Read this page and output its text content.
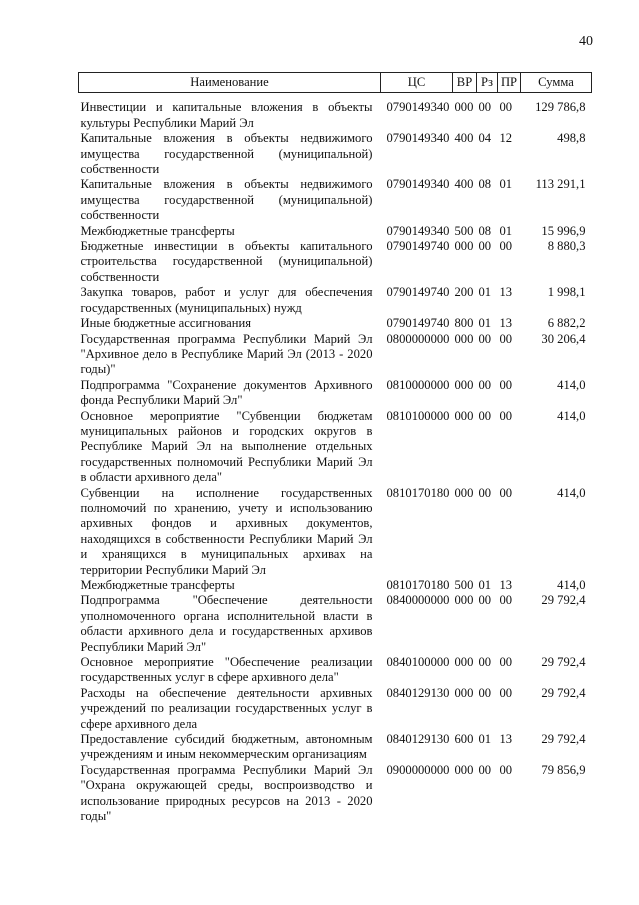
40
Наименование	ЦС	ВР	Рз	ПР	Сумма
Инвестиции и капитальные вложения в объекты культуры Республики Марий Эл	0790149340	000	00	00	129 786,8
Капитальные вложения в объекты недвижимого имущества государственной (муниципальной) собственности	0790149340	400	04	12	498,8
Капитальные вложения в объекты недвижимого имущества государственной (муниципальной) собственности	0790149340	400	08	01	113 291,1
Межбюджетные трансферты	0790149340	500	08	01	15 996,9
Бюджетные инвестиции в объекты капитального строительства государственной (муниципальной) собственности	0790149740	000	00	00	8 880,3
Закупка товаров, работ и услуг для обеспечения государственных (муниципальных) нужд	0790149740	200	01	13	1 998,1
Иные бюджетные ассигнования	0790149740	800	01	13	6 882,2
Государственная программа Республики Марий Эл "Архивное дело в Республике Марий Эл (2013 - 2020 годы)"	0800000000	000	00	00	30 206,4
Подпрограмма "Сохранение документов Архивного фонда Республики Марий Эл"	0810000000	000	00	00	414,0
Основное мероприятие "Субвенции бюджетам муниципальных районов и городских округов в Республике Марий Эл на выполнение отдельных государственных полномочий Республики Марий Эл в области архивного дела"	0810100000	000	00	00	414,0
Субвенции на исполнение государственных полномочий по хранению, учету и использованию архивных фондов и архивных документов, находящихся в собственности Республики Марий Эл и хранящихся в муниципальных архивах на территории Республики Марий Эл	0810170180	000	00	00	414,0
Межбюджетные трансферты	0810170180	500	01	13	414,0
Подпрограмма "Обеспечение деятельности уполномоченного органа исполнительной власти в области архивного дела и государственных архивов Республики Марий Эл"	0840000000	000	00	00	29 792,4
Основное мероприятие "Обеспечение реализации государственных услуг в сфере архивного дела"	0840100000	000	00	00	29 792,4
Расходы на обеспечение деятельности архивных учреждений по реализации государственных услуг в сфере архивного дела	0840129130	000	00	00	29 792,4
Предоставление субсидий бюджетным, автономным учреждениям и иным некоммерческим организациям	0840129130	600	01	13	29 792,4
Государственная программа Республики Марий Эл "Охрана окружающей среды, воспроизводство и использование природных ресурсов на 2013 - 2020 годы"	0900000000	000	00	00	79 856,9
